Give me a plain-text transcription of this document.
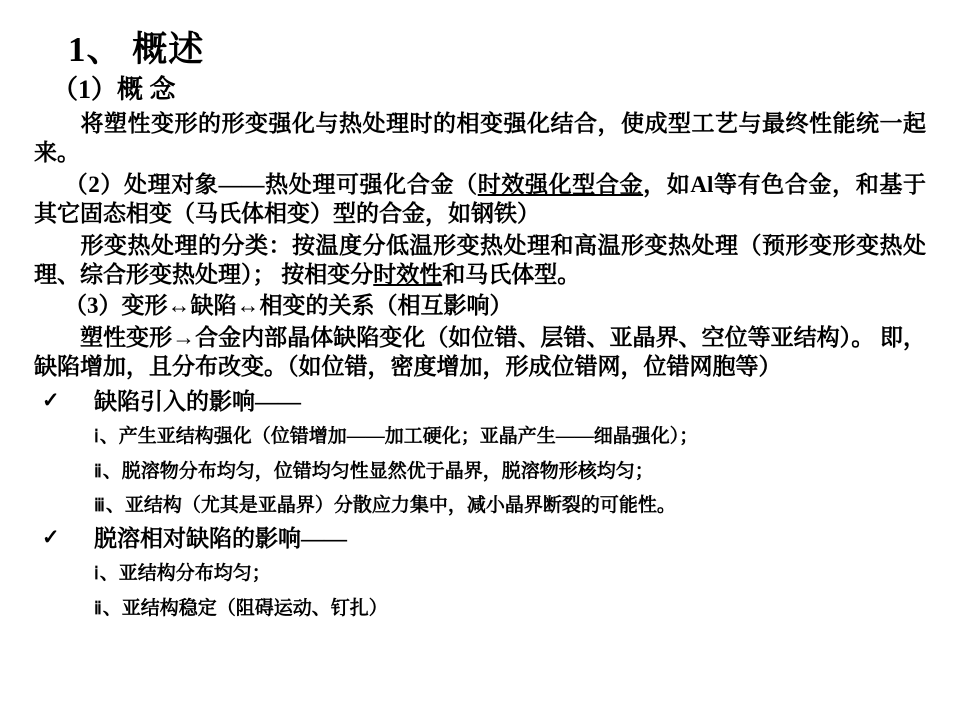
1、 概述
（1）概 念
将塑性变形的形变强化与热处理时的相变强化结合，使成型工艺与最终性能统一起来。
（2）处理对象——热处理可强化合金（时效强化型合金，如Al等有色合金，和基于其它固态相变（马氏体相变）型的合金，如钢铁）
形变热处理的分类：按温度分低温形变热处理和高温形变热处理（预形变形变热处理、综合形变热处理）； 按相变分时效性和马氏体型。
（3）变形↔缺陷↔相变的关系（相互影响）
塑性变形→合金内部晶体缺陷变化（如位错、层错、亚晶界、空位等亚结构）。 即，缺陷增加，且分布改变。（如位错，密度增加，形成位错网，位错网胞等）
✓	缺陷引入的影响——
ⅰ、产生亚结构强化（位错增加——加工硬化；亚晶产生——细晶强化）；
ⅱ、脱溶物分布均匀，位错均匀性显然优于晶界，脱溶物形核均匀；
ⅲ、亚结构（尤其是亚晶界）分散应力集中，减小晶界断裂的可能性。
✓	脱溶相对缺陷的影响——
ⅰ、亚结构分布均匀；
ⅱ、亚结构稳定（阻碍运动、钉扎）
